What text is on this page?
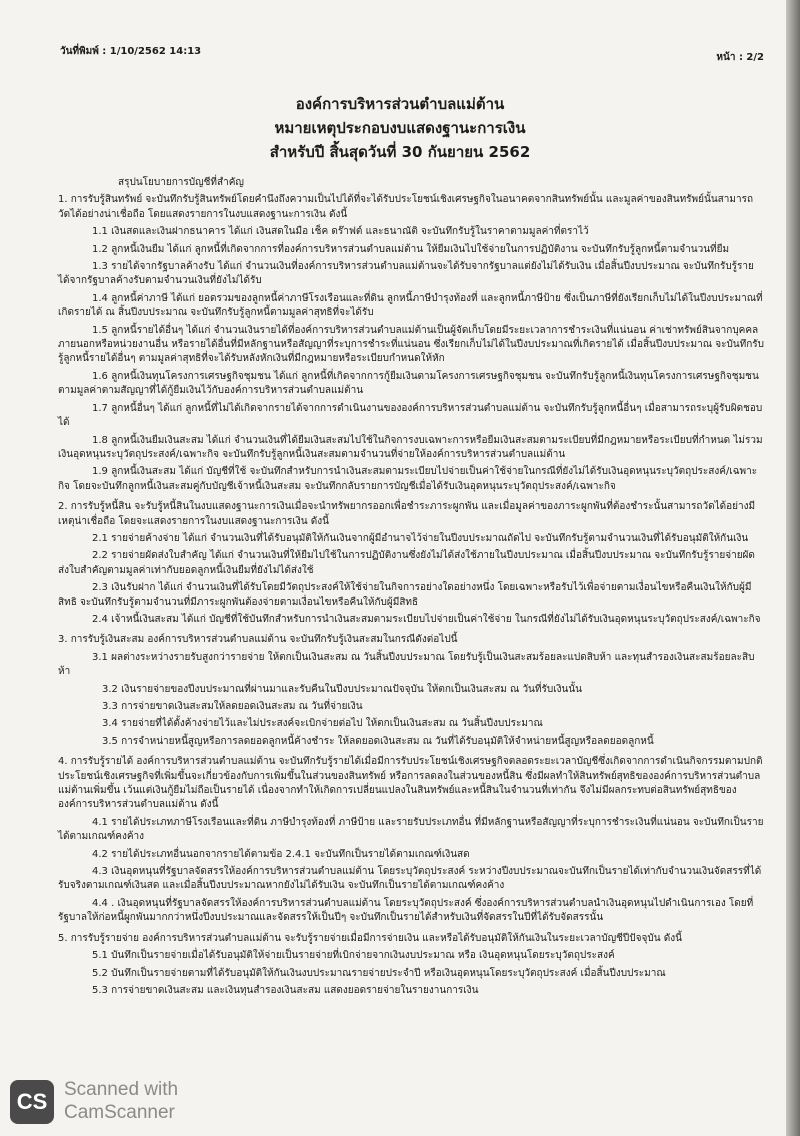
วันที่พิมพ์ : 1/10/2562 14:13
หน้า : 2/2
องค์การบริหารส่วนตำบลแม่ต้าน
หมายเหตุประกอบงบแสดงฐานะการเงิน
สำหรับปี สิ้นสุดวันที่ 30 กันยายน 2562

สรุปนโยบายการบัญชีที่สำคัญ

1. การรับรู้สินทรัพย์ จะบันทึกรับรู้สินทรัพย์โดยคำนึงถึงความเป็นไปได้ที่จะได้รับประโยชน์เชิงเศรษฐกิจในอนาคตจากสินทรัพย์นั้น และมูลค่าของสินทรัพย์นั้นสามารถวัดได้อย่างน่าเชื่อถือ โดยแสดงรายการในงบแสดงฐานะการเงิน ดังนี้

1.1 เงินสดและเงินฝากธนาคาร ได้แก่ เงินสดในมือ เช็ค ดร๊าฟต์ และธนาณัติ จะบันทึกรับรู้ในราคาตามมูลค่าที่ตราไว้

1.2 ลูกหนี้เงินยืม ได้แก่ ลูกหนี้ที่เกิดจากการที่องค์การบริหารส่วนตำบลแม่ต้าน ให้ยืมเงินไปใช้จ่ายในการปฏิบัติงาน จะบันทึกรับรู้ลูกหนี้ตามจำนวนที่ยืม

1.3 รายได้จากรัฐบาลค้างรับ ได้แก่ จำนวนเงินที่องค์การบริหารส่วนตำบลแม่ต้านจะได้รับจากรัฐบาลแต่ยังไม่ได้รับเงิน เมื่อสิ้นปีงบประมาณ จะบันทึกรับรู้รายได้จากรัฐบาลค้างรับตามจำนวนเงินที่ยังไม่ได้รับ

1.4 ลูกหนี้ค่าภาษี ได้แก่ ยอดรวมของลูกหนี้ค่าภาษีโรงเรือนและที่ดิน ลูกหนี้ภาษีบำรุงท้องที่ และลูกหนี้ภาษีป้าย ซึ่งเป็นภาษีที่ยังเรียกเก็บไม่ได้ในปีงบประมาณที่เกิดรายได้ ณ สิ้นปีงบประมาณ จะบันทึกรับรู้ลูกหนี้ตามมูลค่าสุทธิที่จะได้รับ

1.5 ลูกหนี้รายได้อื่นๆ ได้แก่ จำนวนเงินรายได้ที่องค์การบริหารส่วนตำบลแม่ต้านเป็นผู้จัดเก็บโดยมีระยะเวลาการชำระเงินที่แน่นอน ค่าเช่าทรัพย์สินจากบุคคลภายนอกหรือหน่วยงานอื่น หรือรายได้อื่นที่มีหลักฐานหรือสัญญาที่ระบุการชำระที่แน่นอน ซึ่งเรียกเก็บไม่ได้ในปีงบประมาณที่เกิดรายได้ เมื่อสิ้นปีงบประมาณ จะบันทึกรับรู้ลูกหนี้รายได้อื่นๆ ตามมูลค่าสุทธิที่จะได้รับหลังหักเงินที่มีกฎหมายหรือระเบียบกำหนดให้หัก

1.6 ลูกหนี้เงินทุนโครงการเศรษฐกิจชุมชน ได้แก่ ลูกหนี้ที่เกิดจากการกู้ยืมเงินตามโครงการเศรษฐกิจชุมชน จะบันทึกรับรู้ลูกหนี้เงินทุนโครงการเศรษฐกิจชุมชนตามมูลค่าตามสัญญาที่ได้กู้ยืมเงินไว้กับองค์การบริหารส่วนตำบลแม่ต้าน

1.7 ลูกหนี้อื่นๆ ได้แก่ ลูกหนี้ที่ไม่ได้เกิดจากรายได้จากการดำเนินงานขององค์การบริหารส่วนตำบลแม่ต้าน จะบันทึกรับรู้ลูกหนี้อื่นๆ เมื่อสามารถระบุผู้รับผิดชอบได้

1.8 ลูกหนี้เงินยืมเงินสะสม ได้แก่ จำนวนเงินที่ได้ยืมเงินสะสมไปใช้ในกิจการงบเฉพาะการหรือยืมเงินสะสมตามระเบียบที่มีกฎหมายหรือระเบียบที่กำหนด ไม่รวมเงินอุดหนุนระบุวัตถุประสงค์/เฉพาะกิจ จะบันทึกรับรู้ลูกหนี้เงินสะสมตามจำนวนที่จ่ายให้องค์การบริหารส่วนตำบลแม่ต้าน

1.9 ลูกหนี้เงินสะสม ได้แก่ บัญชีที่ใช้ จะบันทึกสำหรับการนำเงินสะสมตามระเบียบไปจ่ายเป็นค่าใช้จ่ายในกรณีที่ยังไม่ได้รับเงินอุดหนุนระบุวัตถุประสงค์/เฉพาะกิจ โดยจะบันทึกลูกหนี้เงินสะสมคู่กับบัญชีเจ้าหนี้เงินสะสม จะบันทึกกลับรายการบัญชีเมื่อได้รับเงินอุดหนุนระบุวัตถุประสงค์/เฉพาะกิจ

2. การรับรู้หนี้สิน จะรับรู้หนี้สินในงบแสดงฐานะการเงินเมื่อจะนำทรัพยากรออกเพื่อชำระภาระผูกพัน และเมื่อมูลค่าของภาระผูกพันที่ต้องชำระนั้นสามารถวัดได้อย่างมีเหตุน่าเชื่อถือ โดยจะแสดงรายการในงบแสดงฐานะการเงิน ดังนี้

2.1 รายจ่ายค้างจ่าย ได้แก่ จำนวนเงินที่ได้รับอนุมัติให้กันเงินจากผู้มีอำนาจไว้จ่ายในปีงบประมาณถัดไป จะบันทึกรับรู้ตามจำนวนเงินที่ได้รับอนุมัติให้กันเงิน

2.2 รายจ่ายผัดส่งใบสำคัญ ได้แก่ จำนวนเงินที่ให้ยืมไปใช้ในการปฏิบัติงานซึ่งยังไม่ได้ส่งใช้ภายในปีงบประมาณ เมื่อสิ้นปีงบประมาณ จะบันทึกรับรู้รายจ่ายผัดส่งใบสำคัญตามมูลค่าเท่ากับยอดลูกหนี้เงินยืมที่ยังไม่ได้ส่งใช้

2.3 เงินรับฝาก ได้แก่ จำนวนเงินที่ได้รับโดยมีวัตถุประสงค์ให้ใช้จ่ายในกิจการอย่างใดอย่างหนึ่ง โดยเฉพาะหรือรับไว้เพื่อจ่ายตามเงื่อนไขหรือคืนเงินให้กับผู้มีสิทธิ จะบันทึกรับรู้ตามจำนวนที่มีภาระผูกพันต้องจ่ายตามเงื่อนไขหรือคืนให้กับผู้มีสิทธิ

2.4 เจ้าหนี้เงินสะสม ได้แก่ บัญชีที่ใช้บันทึกสำหรับการนำเงินสะสมตามระเบียบไปจ่ายเป็นค่าใช้จ่าย ในกรณีที่ยังไม่ได้รับเงินอุดหนุนระบุวัตถุประสงค์/เฉพาะกิจ

3. การรับรู้เงินสะสม องค์การบริหารส่วนตำบลแม่ต้าน จะบันทึกรับรู้เงินสะสมในกรณีดังต่อไปนี้

3.1 ผลต่างระหว่างรายรับสูงกว่ารายจ่าย ให้ตกเป็นเงินสะสม ณ วันสิ้นปีงบประมาณ โดยรับรู้เป็นเงินสะสมร้อยละแปดสิบห้า และทุนสำรองเงินสะสมร้อยละสิบห้า

3.2 เงินรายจ่ายของปีงบประมาณที่ผ่านมาและรับคืนในปีงบประมาณปัจจุบัน ให้ตกเป็นเงินสะสม ณ วันที่รับเงินนั้น

3.3 การจ่ายขาดเงินสะสมให้ลดยอดเงินสะสม ณ วันที่จ่ายเงิน

3.4 รายจ่ายที่ได้ตั้งค้างจ่ายไว้และไม่ประสงค์จะเบิกจ่ายต่อไป ให้ตกเป็นเงินสะสม ณ วันสิ้นปีงบประมาณ

3.5 การจำหน่ายหนี้สูญหรือการลดยอดลูกหนี้ค้างชำระ ให้ลดยอดเงินสะสม ณ วันที่ได้รับอนุมัติให้จำหน่ายหนี้สูญหรือลดยอดลูกหนี้

4. การรับรู้รายได้ องค์การบริหารส่วนตำบลแม่ต้าน จะบันทึกรับรู้รายได้เมื่อมีการรับประโยชน์เชิงเศรษฐกิจตลอดระยะเวลาบัญชีซึ่งเกิดจากการดำเนินกิจกรรมตามปกติ ประโยชน์เชิงเศรษฐกิจที่เพิ่มขึ้นจะเกี่ยวข้องกับการเพิ่มขึ้นในส่วนของสินทรัพย์ หรือการลดลงในส่วนของหนี้สิน ซึ่งมีผลทำให้สินทรัพย์สุทธิขององค์การบริหารส่วนตำบลแม่ต้านเพิ่มขึ้น เว้นแต่เงินกู้ยืมไม่ถือเป็นรายได้ เนื่องจากทำให้เกิดการเปลี่ยนแปลงในสินทรัพย์และหนี้สินในจำนวนที่เท่ากัน จึงไม่มีผลกระทบต่อสินทรัพย์สุทธิขององค์การบริหารส่วนตำบลแม่ต้าน ดังนี้

4.1 รายได้ประเภทภาษีโรงเรือนและที่ดิน ภาษีบำรุงท้องที่ ภาษีป้าย และรายรับประเภทอื่น ที่มีหลักฐานหรือสัญญาที่ระบุการชำระเงินที่แน่นอน จะบันทึกเป็นรายได้ตามเกณฑ์คงค้าง

4.2 รายได้ประเภทอื่นนอกจากรายได้ตามข้อ 2.4.1 จะบันทึกเป็นรายได้ตามเกณฑ์เงินสด

4.3 เงินอุดหนุนที่รัฐบาลจัดสรรให้องค์การบริหารส่วนตำบลแม่ต้าน โดยระบุวัตถุประสงค์ ระหว่างปีงบประมาณจะบันทึกเป็นรายได้เท่ากับจำนวนเงินจัดสรรที่ได้รับจริงตามเกณฑ์เงินสด และเมื่อสิ้นปีงบประมาณหากยังไม่ได้รับเงิน จะบันทึกเป็นรายได้ตามเกณฑ์คงค้าง

4.4 . เงินอุดหนุนที่รัฐบาลจัดสรรให้องค์การบริหารส่วนตำบลแม่ต้าน โดยระบุวัตถุประสงค์ ซึ่งองค์การบริหารส่วนตำบลนำเงินอุดหนุนไปดำเนินการเอง โดยที่รัฐบาลให้ก่อหนี้ผูกพันมากกว่าหนึ่งปีงบประมาณและจัดสรรให้เป็นปีๆ จะบันทึกเป็นรายได้สำหรับเงินที่จัดสรรในปีที่ได้รับจัดสรรนั้น

5. การรับรู้รายจ่าย องค์การบริหารส่วนตำบลแม่ต้าน จะรับรู้รายจ่ายเมื่อมีการจ่ายเงิน และหรือได้รับอนุมัติให้กันเงินในระยะเวลาบัญชีปีปัจจุบัน ดังนี้

5.1 บันทึกเป็นรายจ่ายเมื่อได้รับอนุมัติให้จ่ายเป็นรายจ่ายที่เบิกจ่ายจากเงินงบประมาณ หรือ เงินอุดหนุนโดยระบุวัตถุประสงค์

5.2 บันทึกเป็นรายจ่ายตามที่ได้รับอนุมัติให้กันเงินงบประมาณรายจ่ายประจำปี หรือเงินอุดหนุนโดยระบุวัตถุประสงค์ เมื่อสิ้นปีงบประมาณ

5.3 การจ่ายขาดเงินสะสม และเงินทุนสำรองเงินสะสม แสดงยอดรายจ่ายในรายงานการเงิน

CS Scanned with
CamScanner
